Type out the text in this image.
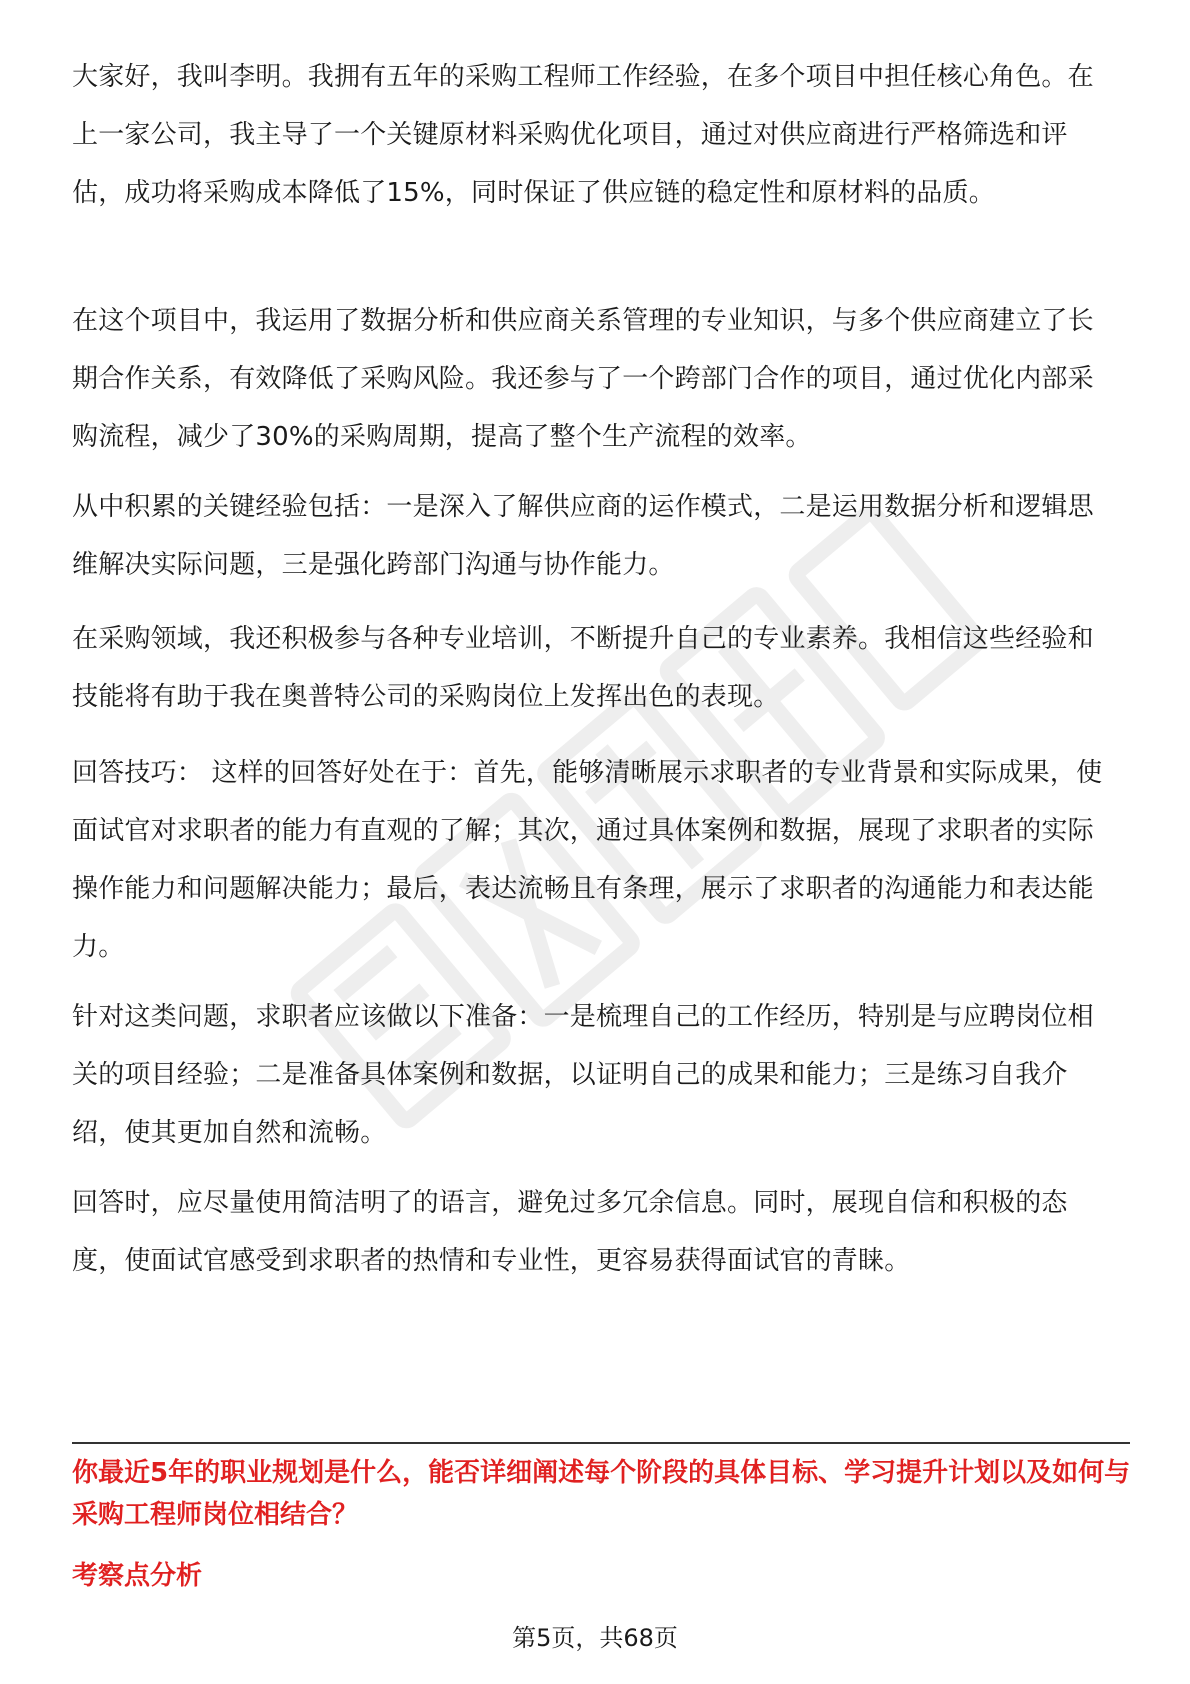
大家好，我叫李明。我拥有五年的采购工程师工作经验，在多个项目中担任核心角色。在上一家公司，我主导了一个关键原材料采购优化项目，通过对供应商进行严格筛选和评估，成功将采购成本降低了15%，同时保证了供应链的稳定性和原材料的品质。

在这个项目中，我运用了数据分析和供应商关系管理的专业知识，与多个供应商建立了长期合作关系，有效降低了采购风险。我还参与了一个跨部门合作的项目，通过优化内部采购流程，减少了30%的采购周期，提高了整个生产流程的效率。

从中积累的关键经验包括：一是深入了解供应商的运作模式，二是运用数据分析和逻辑思维解决实际问题，三是强化跨部门沟通与协作能力。

在采购领域，我还积极参与各种专业培训，不断提升自己的专业素养。我相信这些经验和技能将有助于我在奥普特公司的采购岗位上发挥出色的表现。

回答技巧： 这样的回答好处在于：首先，能够清晰展示求职者的专业背景和实际成果，使面试官对求职者的能力有直观的了解；其次，通过具体案例和数据，展现了求职者的实际操作能力和问题解决能力；最后，表达流畅且有条理，展示了求职者的沟通能力和表达能力。

针对这类问题，求职者应该做以下准备：一是梳理自己的工作经历，特别是与应聘岗位相关的项目经验；二是准备具体案例和数据，以证明自己的成果和能力；三是练习自我介绍，使其更加自然和流畅。

回答时，应尽量使用简洁明了的语言，避免过多冗余信息。同时，展现自信和积极的态度，使面试官感受到求职者的热情和专业性，更容易获得面试官的青睐。

你最近5年的职业规划是什么，能否详细阐述每个阶段的具体目标、学习提升计划以及如何与采购工程师岗位相结合？

考察点分析

第5页，共68页
